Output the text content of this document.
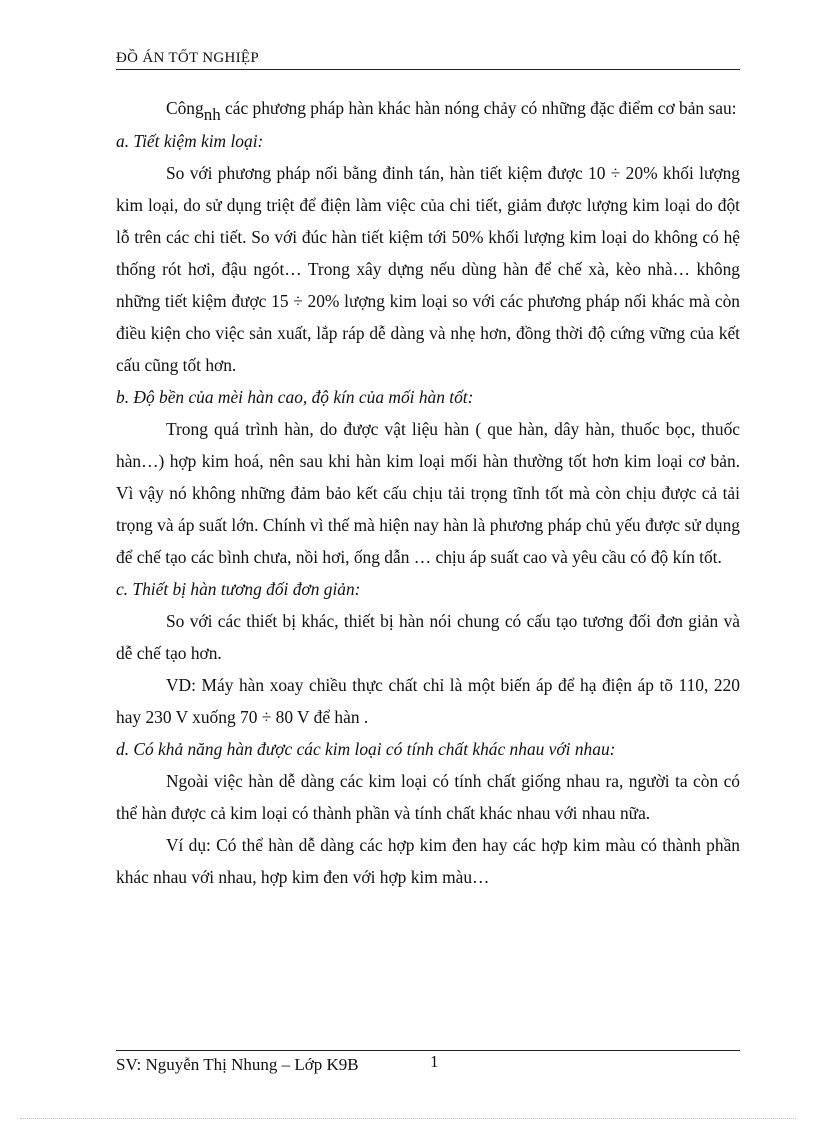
ĐỒ ÁN TỐT NGHIỆP

Côngnh các phương pháp hàn khác hàn nóng chảy có những đặc điểm cơ bản sau:

a. Tiết kiệm kim loại:

So với phương pháp nối bằng đinh tán, hàn tiết kiệm được 10 ÷ 20% khối lượng kim loại, do sử dụng triệt để điện làm việc của chi tiết, giảm được lượng kim loại do đột lỗ trên các chi tiết. So với đúc hàn tiết kiệm tới 50% khối lượng kim loại do không có hệ thống rót hơi, đậu ngót… Trong xây dựng nếu dùng hàn để chế xà, kèo nhà… không những tiết kiệm được 15 ÷ 20% lượng kim loại so với các phương pháp nối khác mà còn điều kiện cho việc sản xuất, lắp ráp dễ dàng và nhẹ hơn, đồng thời độ cứng vững của kết cấu cũng tốt hơn.

b. Độ bền của mèi hàn cao, độ kín của mối hàn tốt:

Trong quá trình hàn, do được vật liệu hàn ( que hàn, dây hàn, thuốc bọc, thuốc hàn…) hợp kim hoá, nên sau khi hàn kim loại mối hàn thường tốt hơn kim loại cơ bản. Vì vậy nó không những đảm bảo kết cấu chịu tải trọng tĩnh tốt mà còn chịu được cả tải trọng và áp suất lớn. Chính vì thế mà hiện nay hàn là phương pháp chủ yếu được sử dụng để chế tạo các bình chưa, nồi hơi, ống dẫn … chịu áp suất cao và yêu cầu có độ kín tốt.

c. Thiết bị hàn tương đối đơn giản:

So với các thiết bị khác, thiết bị hàn nói chung có cấu tạo tương đối đơn giản và dễ chế tạo hơn.

VD: Máy hàn xoay chiều thực chất chỉ là một biến áp để hạ điện áp tõ 110, 220 hay 230 V xuống 70 ÷ 80 V để hàn .

d. Có khả năng hàn được các kim loại có tính chất khác nhau với nhau:

Ngoài việc hàn dễ dàng các kim loại có tính chất giống nhau ra, người ta còn có thể hàn được cả kim loại có thành phần và tính chất khác nhau với nhau nữa.

Ví dụ: Có thể hàn dễ dàng các hợp kim đen hay các hợp kim màu có thành phần khác nhau với nhau, hợp kim đen với hợp kim màu…

SV: Nguyễn Thị Nhung – Lớp K9B	1
